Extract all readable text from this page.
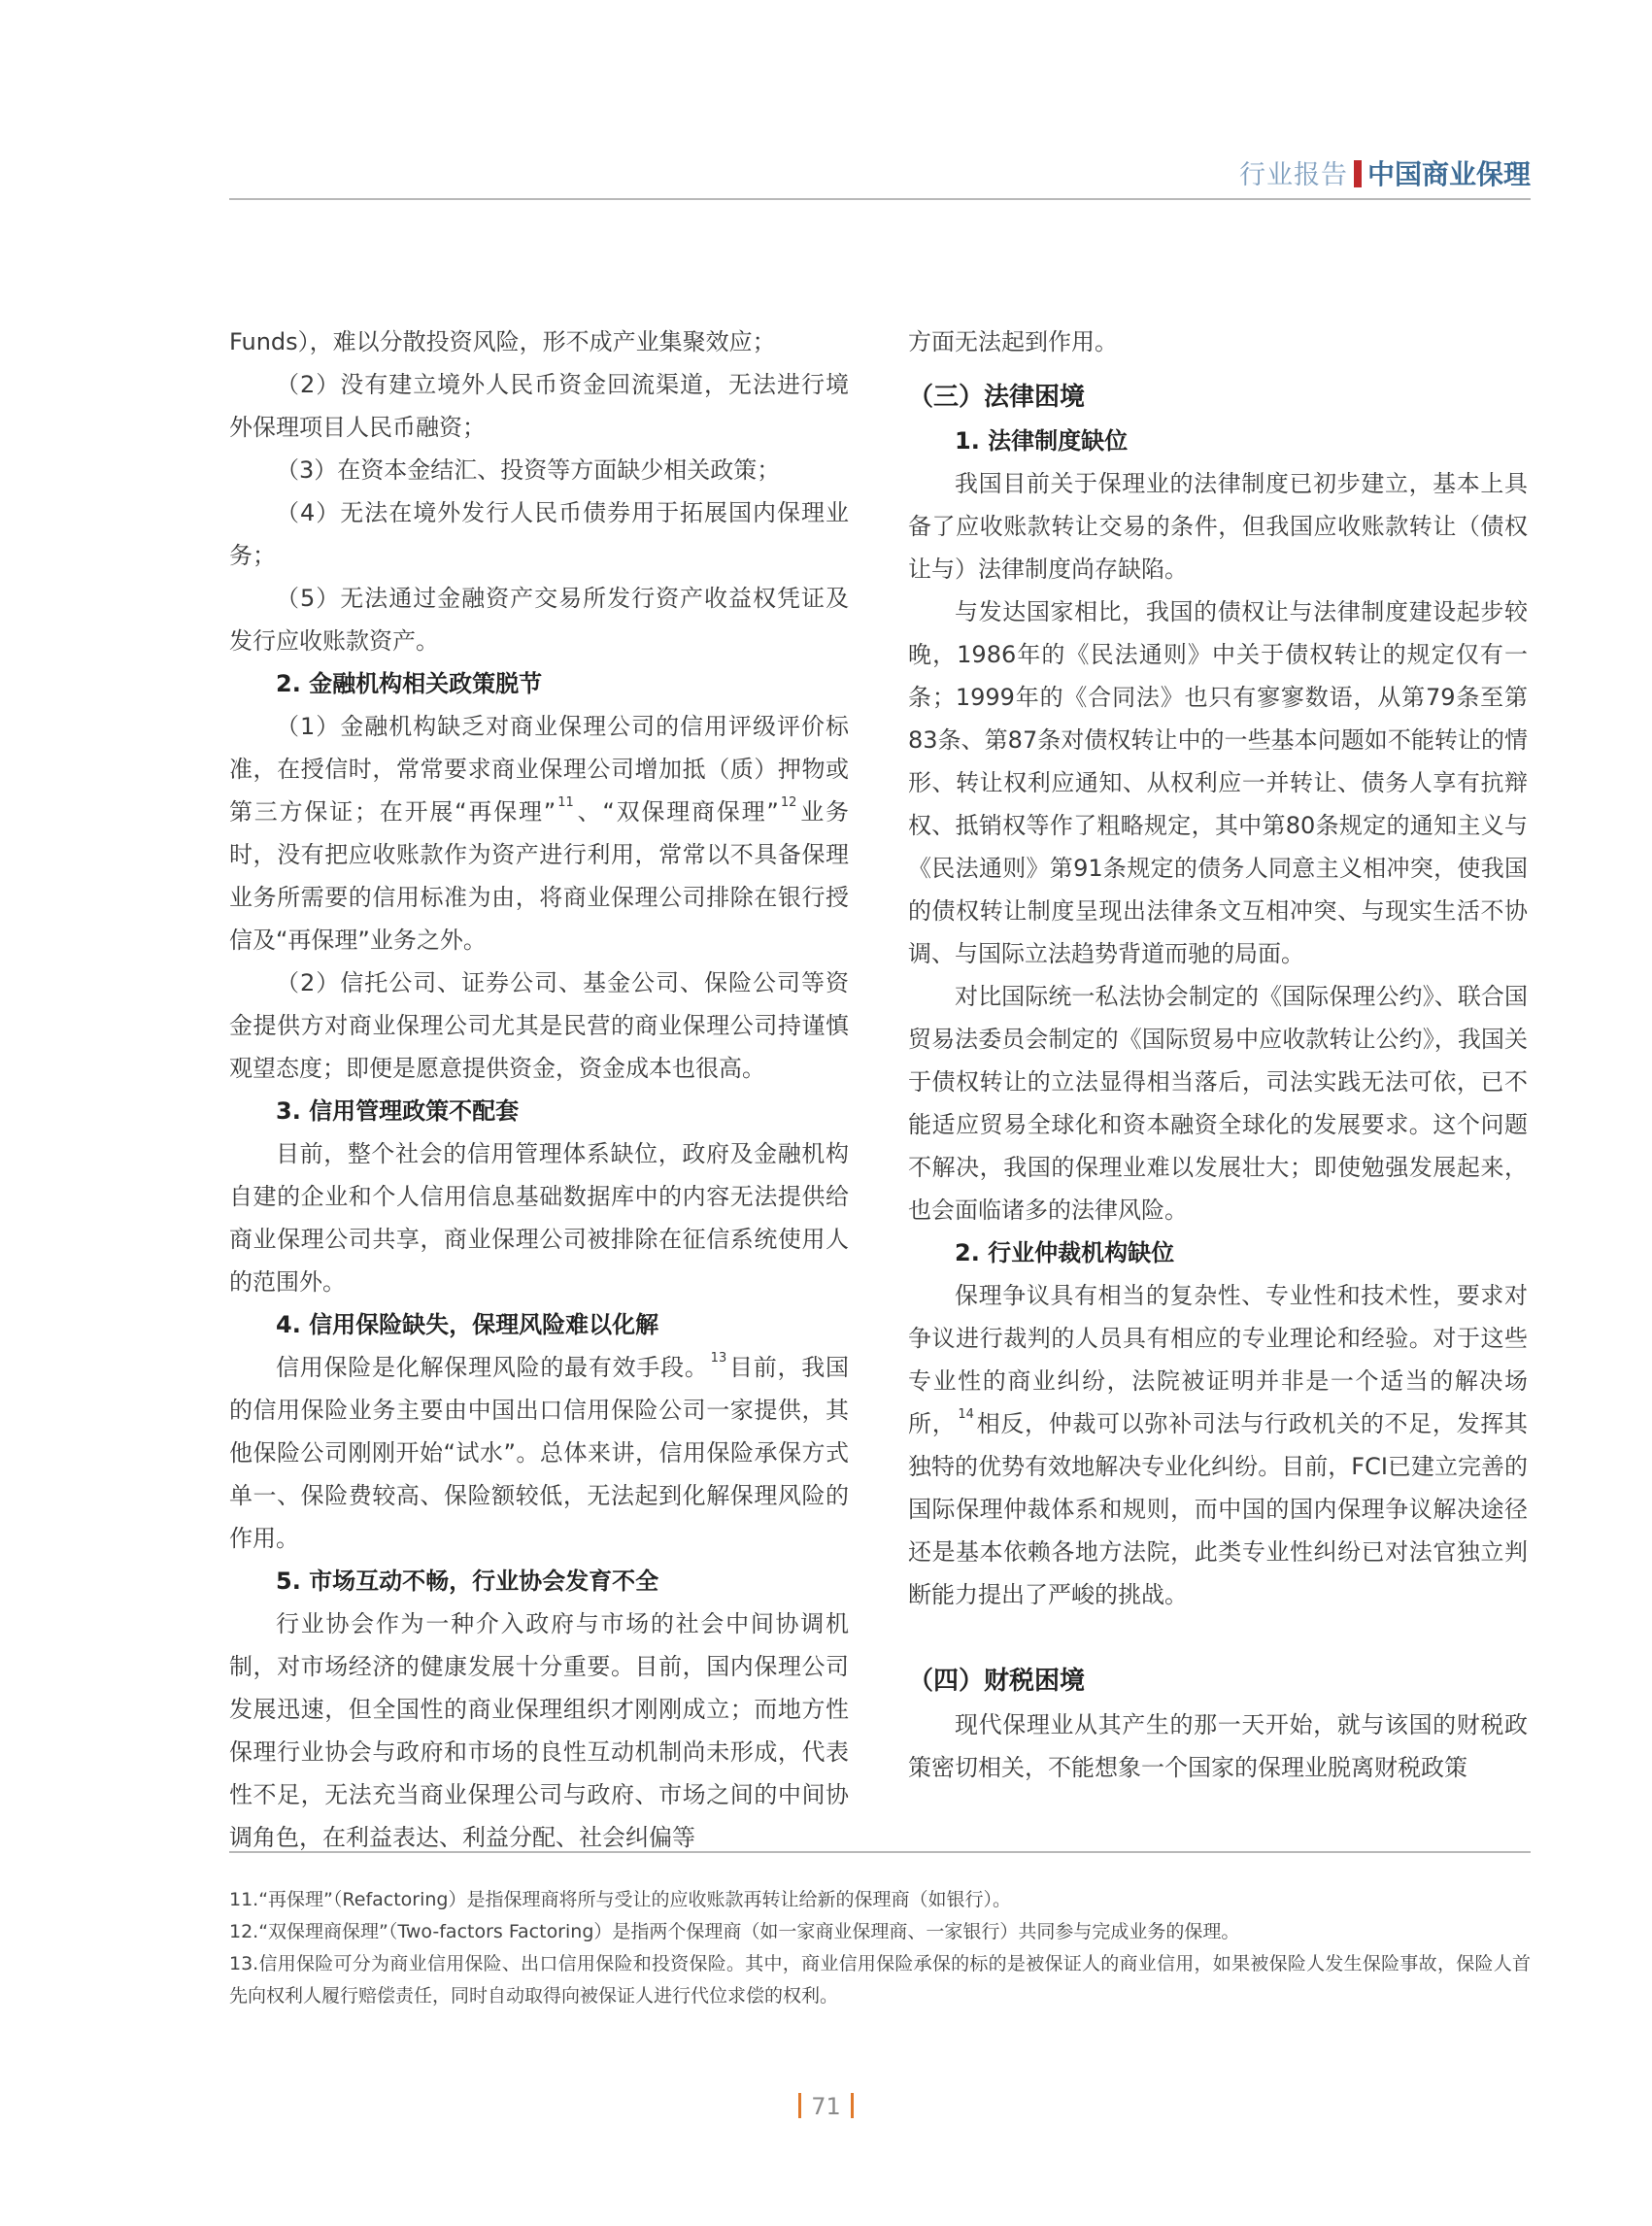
行业报告 中国商业保理

Funds），难以分散投资风险，形不成产业集聚效应；

（2）没有建立境外人民币资金回流渠道，无法进行境外保理项目人民币融资；

（3）在资本金结汇、投资等方面缺少相关政策；

（4）无法在境外发行人民币债券用于拓展国内保理业务；

（5）无法通过金融资产交易所发行资产收益权凭证及发行应收账款资产。

2. 金融机构相关政策脱节

（1）金融机构缺乏对商业保理公司的信用评级评价标准，在授信时，常常要求商业保理公司增加抵（质）押物或第三方保证；在开展“再保理” $^{11}$、“双保理商保理” $^{12}$业务时，没有把应收账款作为资产进行利用，常常以不具备保理业务所需要的信用标准为由，将商业保理公司排除在银行授信及“再保理”业务之外。

（2）信托公司、证券公司、基金公司、保险公司等资金提供方对商业保理公司尤其是民营的商业保理公司持谨慎观望态度；即便是愿意提供资金，资金成本也很高。

3. 信用管理政策不配套

目前，整个社会的信用管理体系缺位，政府及金融机构自建的企业和个人信用信息基础数据库中的内容无法提供给商业保理公司共享，商业保理公司被排除在征信系统使用人的范围外。

4. 信用保险缺失，保理风险难以化解

信用保险是化解保理风险的最有效手段。 $^{13}$目前，我国的信用保险业务主要由中国出口信用保险公司一家提供，其他保险公司刚刚开始“试水”。总体来讲，信用保险承保方式单一、保险费较高、保险额较低，无法起到化解保理风险的作用。

5. 市场互动不畅，行业协会发育不全

行业协会作为一种介入政府与市场的社会中间协调机制，对市场经济的健康发展十分重要。目前，国内保理公司发展迅速，但全国性的商业保理组织才刚刚成立；而地方性保理行业协会与政府和市场的良性互动机制尚未形成，代表性不足，无法充当商业保理公司与政府、市场之间的中间协调角色，在利益表达、利益分配、社会纠偏等

方面无法起到作用。

（三）法律困境

1. 法律制度缺位

我国目前关于保理业的法律制度已初步建立，基本上具备了应收账款转让交易的条件，但我国应收账款转让（债权让与）法律制度尚存缺陷。

与发达国家相比，我国的债权让与法律制度建设起步较晚，1986年的《民法通则》中关于债权转让的规定仅有一条；1999年的《合同法》也只有寥寥数语，从第79条至第83条、第87条对债权转让中的一些基本问题如不能转让的情形、转让权利应通知、从权利应一并转让、债务人享有抗辩权、抵销权等作了粗略规定，其中第80条规定的通知主义与《民法通则》第91条规定的债务人同意主义相冲突，使我国的债权转让制度呈现出法律条文互相冲突、与现实生活不协调、与国际立法趋势背道而驰的局面。

对比国际统一私法协会制定的《国际保理公约》、联合国贸易法委员会制定的《国际贸易中应收款转让公约》，我国关于债权转让的立法显得相当落后，司法实践无法可依，已不能适应贸易全球化和资本融资全球化的发展要求。这个问题不解决，我国的保理业难以发展壮大；即使勉强发展起来，也会面临诸多的法律风险。

2. 行业仲裁机构缺位

保理争议具有相当的复杂性、专业性和技术性，要求对争议进行裁判的人员具有相应的专业理论和经验。对于这些专业性的商业纠纷，法院被证明并非是一个适当的解决场所， $^{14}$相反，仲裁可以弥补司法与行政机关的不足，发挥其独特的优势有效地解决专业化纠纷。目前，FCI已建立完善的国际保理仲裁体系和规则，而中国的国内保理争议解决途径还是基本依赖各地方法院，此类专业性纠纷已对法官独立判断能力提出了严峻的挑战。

（四）财税困境

现代保理业从其产生的那一天开始，就与该国的财税政策密切相关，不能想象一个国家的保理业脱离财税政策

11.“再保理”（Refactoring）是指保理商将所与受让的应收账款再转让给新的保理商（如银行）。

12.“双保理商保理”（Two-factors Factoring）是指两个保理商（如一家商业保理商、一家银行）共同参与完成业务的保理。

13.信用保险可分为商业信用保险、出口信用保险和投资保险。其中，商业信用保险承保的标的是被保证人的商业信用，如果被保险人发生保险事故，保险人首先向权利人履行赔偿责任，同时自动取得向被保证人进行代位求偿的权利。

71
